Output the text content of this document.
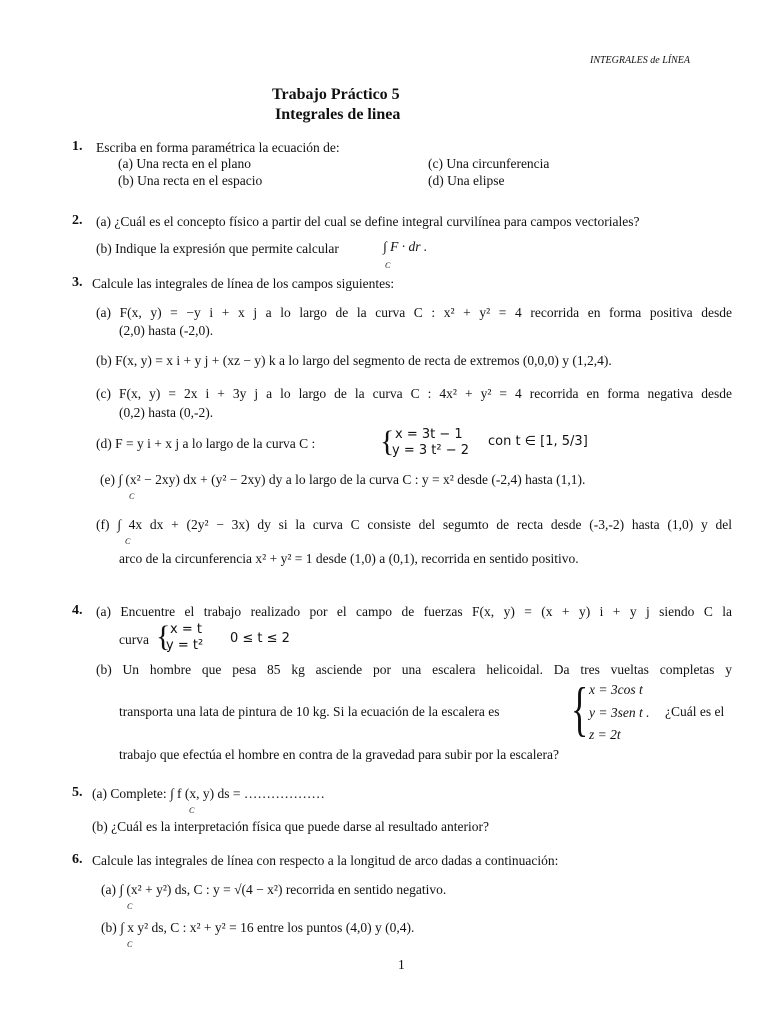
INTEGRALES de LÍNEA
Trabajo Práctico 5
Integrales de linea
1. Escriba en forma paramétrica la ecuación de:
(a) Una recta en el plano
(b) Una recta en el espacio
(c) Una circunferencia
(d) Una elipse
2. (a) ¿Cuál es el concepto físico a partir del cual se define integral curvilínea para campos vectoriales?
(b) Indique la expresión que permite calcular	∫ F · dr .
C
3. Calcule las integrales de línea de los campos siguientes:
(a) F(x, y) = −y i + x j a lo largo de la curva C : x² + y² = 4 recorrida en forma positiva desde
(2,0) hasta (-2,0).
(b) F(x, y) = x i + y j + (xz − y) k a lo largo del segmento de recta de extremos (0,0,0) y (1,2,4).
(c) F(x, y) = 2x i + 3y j a lo largo de la curva C : 4x² + y² = 4 recorrida en forma negativa desde
(0,2) hasta (0,-2).
(d) F = y i + x j a lo largo de la curva C : { x = 3t − 1
y = 3 t² − 2
con t ∈ [1, 5/3]
(e) ∫ (x² − 2xy) dx + (y² − 2xy) dy a lo largo de la curva C : y = x² desde (-2,4) hasta (1,1).
C
(f) ∫ 4x dx + (2y² − 3x) dy si la curva C consiste del segumto de recta desde (-3,-2) hasta (1,0) y del
C
arco de la circunferencia x² + y² = 1 desde (1,0) a (0,1), recorrida en sentido positivo.
4. (a) Encuentre el trabajo realizado por el campo de fuerzas F(x, y) = (x + y) i + y j siendo C la
curva { x = t
y = t² 0 ≤ t ≤ 2
(b) Un hombre que pesa 85 kg asciende por una escalera helicoidal. Da tres vueltas completas y
{ x = 3cos t
y = 3sen t .
z = 2t
transporta una lata de pintura de 10 kg. Si la ecuación de la escalera es	¿Cuál es el
trabajo que efectúa el hombre en contra de la gravedad para subir por la escalera?
5. (a) Complete: ∫ f (x, y) ds = ………………
C
(b) ¿Cuál es la interpretación física que puede darse al resultado anterior?
6. Calcule las integrales de línea con respecto a la longitud de arco dadas a continuación:
(a) ∫ (x² + y²) ds, C : y = √(4 − x²) recorrida en sentido negativo.
C
(b) ∫ x y² ds, C : x² + y² = 16 entre los puntos (4,0) y (0,4).
C
1
